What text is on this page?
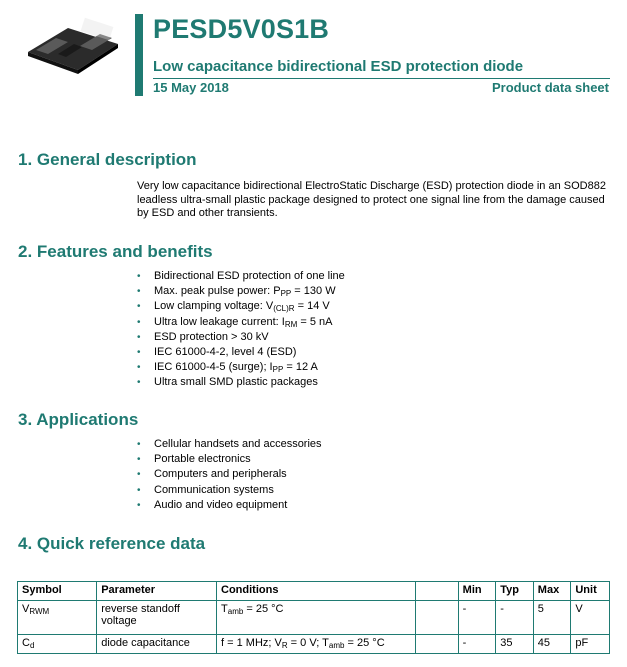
PESD5V0S1B
Low capacitance bidirectional ESD protection diode
15 May 2018	Product data sheet
1. General description
Very low capacitance bidirectional ElectroStatic Discharge (ESD) protection diode in an SOD882 leadless ultra-small plastic package designed to protect one signal line from the damage caused by ESD and other transients.
2. Features and benefits
• Bidirectional ESD protection of one line
• Max. peak pulse power: $P_{PP} = 130$ W
• Low clamping voltage: $V_{(CL)R} = 14$ V
• Ultra low leakage current: $I_{RM} = 5$ nA
• ESD protection > 30 kV
• IEC 61000-4-2, level 4 (ESD)
• IEC 61000-4-5 (surge); $I_{PP} = 12$ A
• Ultra small SMD plastic packages
3. Applications
• Cellular handsets and accessories
• Portable electronics
• Computers and peripherals
• Communication systems
• Audio and video equipment
4. Quick reference data
Symbol	Parameter	Conditions		Min	Typ	Max	Unit
$V_{RWM}$	reverse standoff voltage	$T_{amb} = 25$ °C		-	-	5	V
$C_d$	diode capacitance	f = 1 MHz; $V_R = 0$ V; $T_{amb} = 25$ °C		-	35	45	pF
